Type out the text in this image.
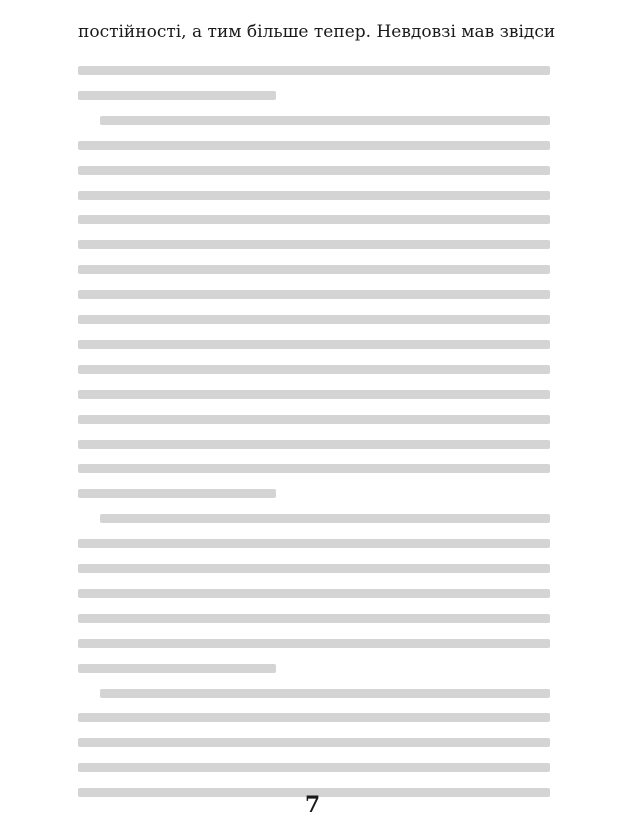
постійності, а тим більше тепер. Невдовзі мав звідси
7
